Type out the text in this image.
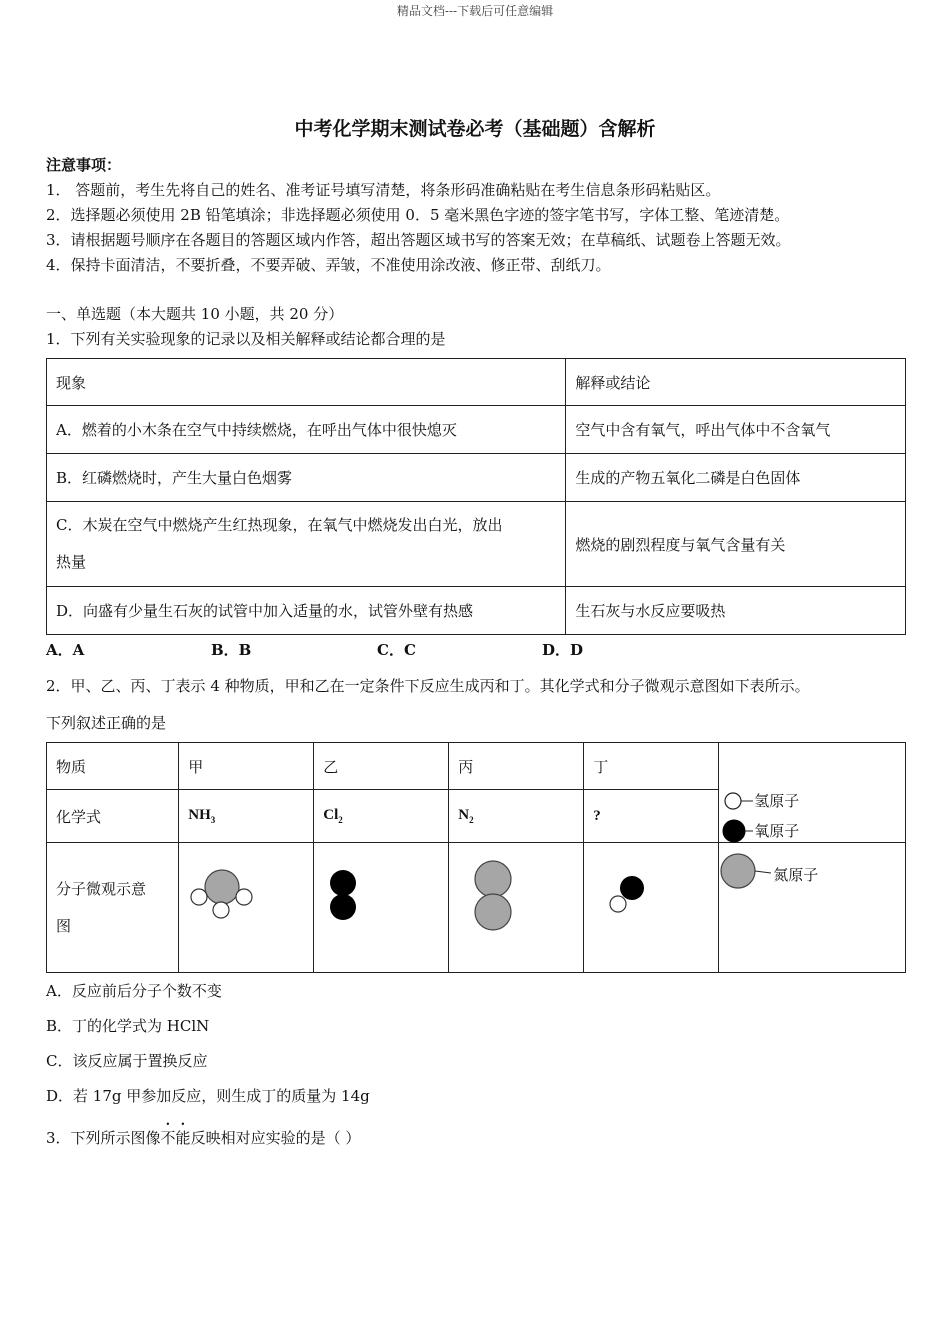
精品文档---下载后可任意编辑
中考化学期末测试卷必考（基础题）含解析
注意事项：
1． 答题前，考生先将自己的姓名、准考证号填写清楚，将条形码准确粘贴在考生信息条形码粘贴区。
2．选择题必须使用 2B 铅笔填涂；非选择题必须使用 0．5 毫米黑色字迹的签字笔书写，字体工整、笔迹清楚。
3．请根据题号顺序在各题目的答题区域内作答，超出答题区域书写的答案无效；在草稿纸、试题卷上答题无效。
4．保持卡面清洁，不要折叠，不要弄破、弄皱，不准使用涂改液、修正带、刮纸刀。
一、单选题（本大题共 10 小题，共 20 分）
1．下列有关实验现象的记录以及相关解释或结论都合理的是
现象	解释或结论
A．燃着的小木条在空气中持续燃烧，在呼出气体中很快熄灭	空气中含有氧气，呼出气体中不含氧气
B．红磷燃烧时，产生大量白色烟雾	生成的产物五氧化二磷是白色固体

C．木炭在空气中燃烧产生红热现象，在氧气中燃烧发出白光，放出
热量	燃烧的剧烈程度与氧气含量有关
D．向盛有少量生石灰的试管中加入适量的水，试管外壁有热感	生石灰与水反应要吸热
A．A	B．B	C．C	D．D
2．甲、乙、丙、丁表示 4 种物质，甲和乙在一定条件下反应生成丙和丁。其化学式和分子微观示意图如下表所示。
下列叙述正确的是
物质	甲	乙	丙	丁	氢原子
氧原子

化学式	$NH_3$	$Cl_2$	$N_2$	?	

分子微观示意
图					氮原子
A．反应前后分子个数不变
B．丁的化学式为 HClN
C．该反应属于置换反应
D．若 17g 甲参加反应，则生成丁的质量为 14g
3．下列所示图像不能反映相对应实验的是（ ）
